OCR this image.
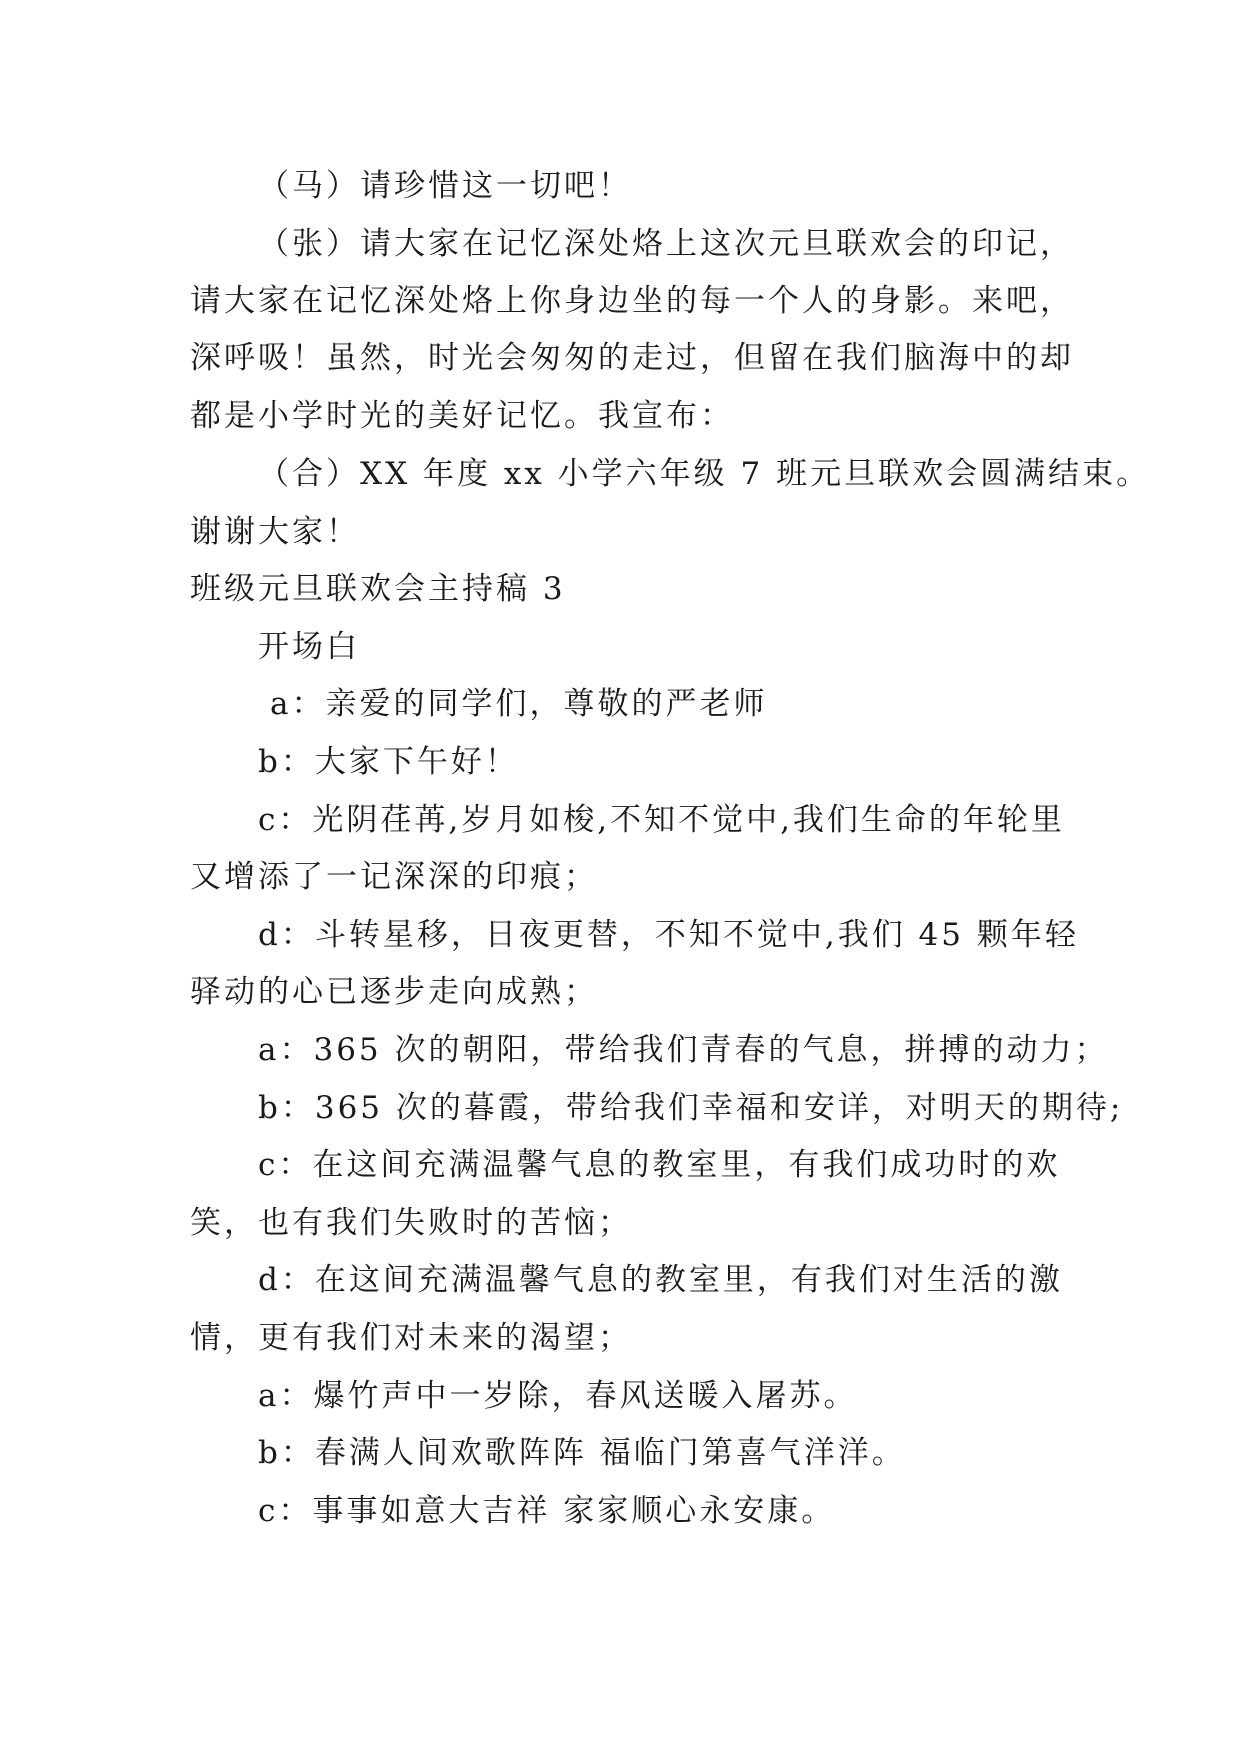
（马）请珍惜这一切吧！
（张）请大家在记忆深处烙上这次元旦联欢会的印记，
请大家在记忆深处烙上你身边坐的每一个人的身影。来吧，
深呼吸！虽然，时光会匆匆的走过，但留在我们脑海中的却
都是小学时光的美好记忆。我宣布：
（合）XX 年度 xx 小学六年级 7 班元旦联欢会圆满结束。
谢谢大家！
班级元旦联欢会主持稿 3
开场白
a：亲爱的同学们，尊敬的严老师
b：大家下午好！
c：光阴荏苒,岁月如梭,不知不觉中,我们生命的年轮里
又增添了一记深深的印痕；
d：斗转星移，日夜更替，不知不觉中,我们 45 颗年轻
驿动的心已逐步走向成熟；
a：365 次的朝阳，带给我们青春的气息，拼搏的动力；
b：365 次的暮霞，带给我们幸福和安详，对明天的期待;
c：在这间充满温馨气息的教室里，有我们成功时的欢
笑，也有我们失败时的苦恼；
d：在这间充满温馨气息的教室里，有我们对生活的激
情，更有我们对未来的渴望；
a：爆竹声中一岁除，春风送暖入屠苏。
b：春满人间欢歌阵阵 福临门第喜气洋洋。
c：事事如意大吉祥 家家顺心永安康。
